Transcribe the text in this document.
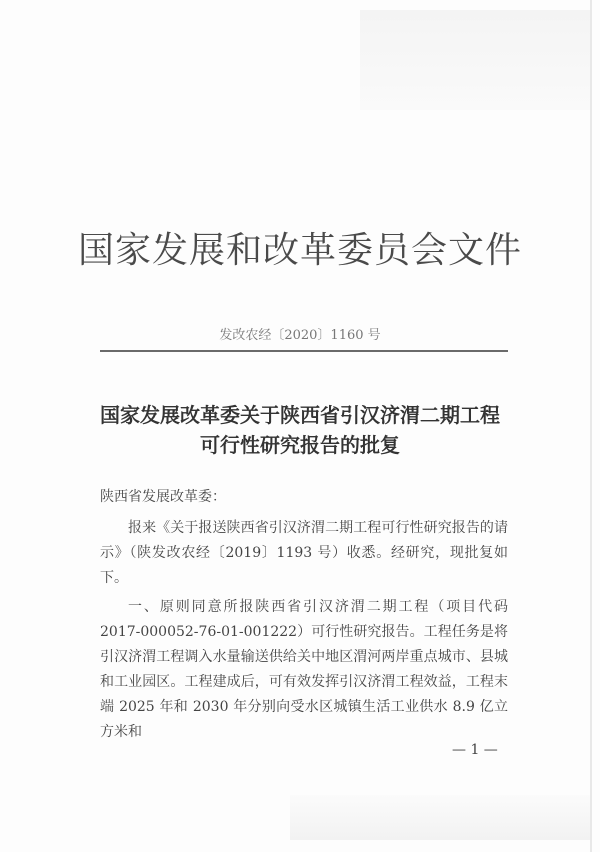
国家发展和改革委员会文件
发改农经〔2020〕1160 号
国家发展改革委关于陕西省引汉济渭二期工程
可行性研究报告的批复
陕西省发展改革委：

报来《关于报送陕西省引汉济渭二期工程可行性研究报告的请示》（陕发改农经〔2019〕1193 号）收悉。经研究，现批复如下。

一、原则同意所报陕西省引汉济渭二期工程（项目代码 2017-000052-76-01-001222）可行性研究报告。工程任务是将引汉济渭工程调入水量输送供给关中地区渭河两岸重点城市、县城和工业园区。工程建成后，可有效发挥引汉济渭工程效益，工程末端 2025 年和 2030 年分别向受水区城镇生活工业供水 8.9 亿立方米和

— 1 —
